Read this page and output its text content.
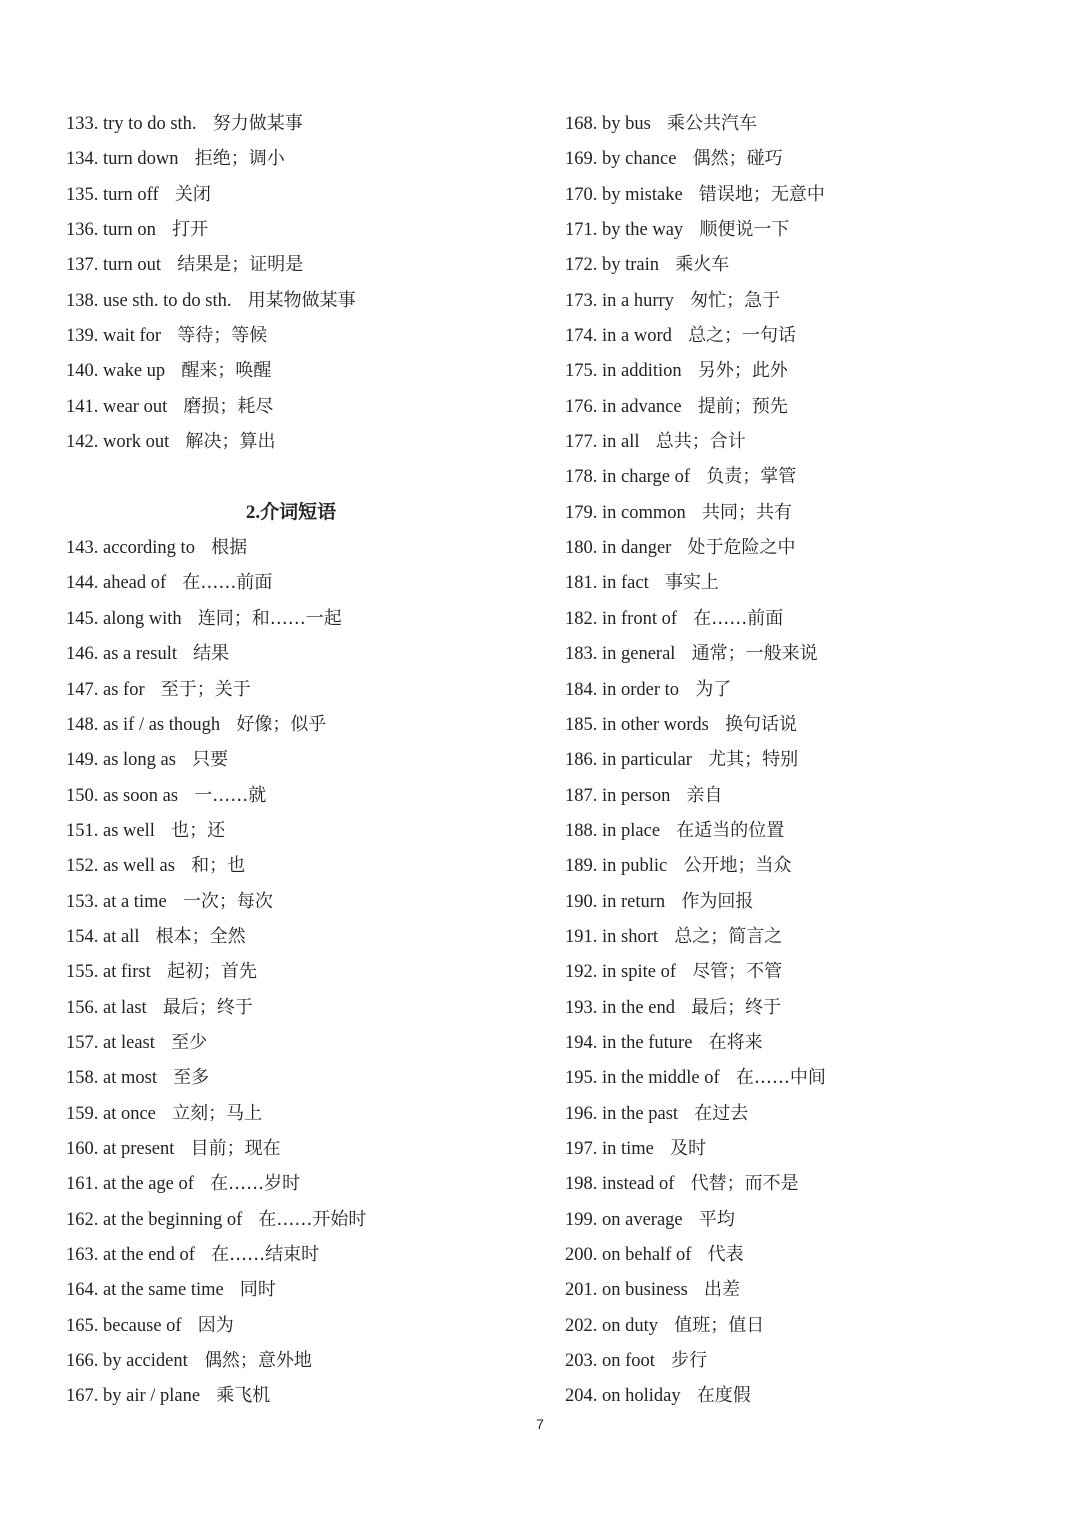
133. try to do sth. 努力做某事
134. turn down 拒绝；调小
135. turn off 关闭
136. turn on 打开
137. turn out 结果是；证明是
138. use sth. to do sth. 用某物做某事
139. wait for 等待；等候
140. wake up 醒来；唤醒
141. wear out 磨损；耗尽
142. work out 解决；算出
2.介词短语
143. according to 根据
144. ahead of 在……前面
145. along with 连同；和……一起
146. as a result 结果
147. as for 至于；关于
148. as if / as though 好像；似乎
149. as long as 只要
150. as soon as 一……就
151. as well 也；还
152. as well as 和；也
153. at a time 一次；每次
154. at all 根本；全然
155. at first 起初；首先
156. at last 最后；终于
157. at least 至少
158. at most 至多
159. at once 立刻；马上
160. at present 目前；现在
161. at the age of 在……岁时
162. at the beginning of 在……开始时
163. at the end of 在……结束时
164. at the same time 同时
165. because of 因为
166. by accident 偶然；意外地
167. by air / plane 乘飞机
168. by bus 乘公共汽车
169. by chance 偶然；碰巧
170. by mistake 错误地；无意中
171. by the way 顺便说一下
172. by train 乘火车
173. in a hurry 匆忙；急于
174. in a word 总之；一句话
175. in addition 另外；此外
176. in advance 提前；预先
177. in all 总共；合计
178. in charge of 负责；掌管
179. in common 共同；共有
180. in danger 处于危险之中
181. in fact 事实上
182. in front of 在……前面
183. in general 通常；一般来说
184. in order to 为了
185. in other words 换句话说
186. in particular 尤其；特别
187. in person 亲自
188. in place 在适当的位置
189. in public 公开地；当众
190. in return 作为回报
191. in short 总之；简言之
192. in spite of 尽管；不管
193. in the end 最后；终于
194. in the future 在将来
195. in the middle of 在……中间
196. in the past 在过去
197. in time 及时
198. instead of 代替；而不是
199. on average 平均
200. on behalf of 代表
201. on business 出差
202. on duty 值班；值日
203. on foot 步行
204. on holiday 在度假
7
